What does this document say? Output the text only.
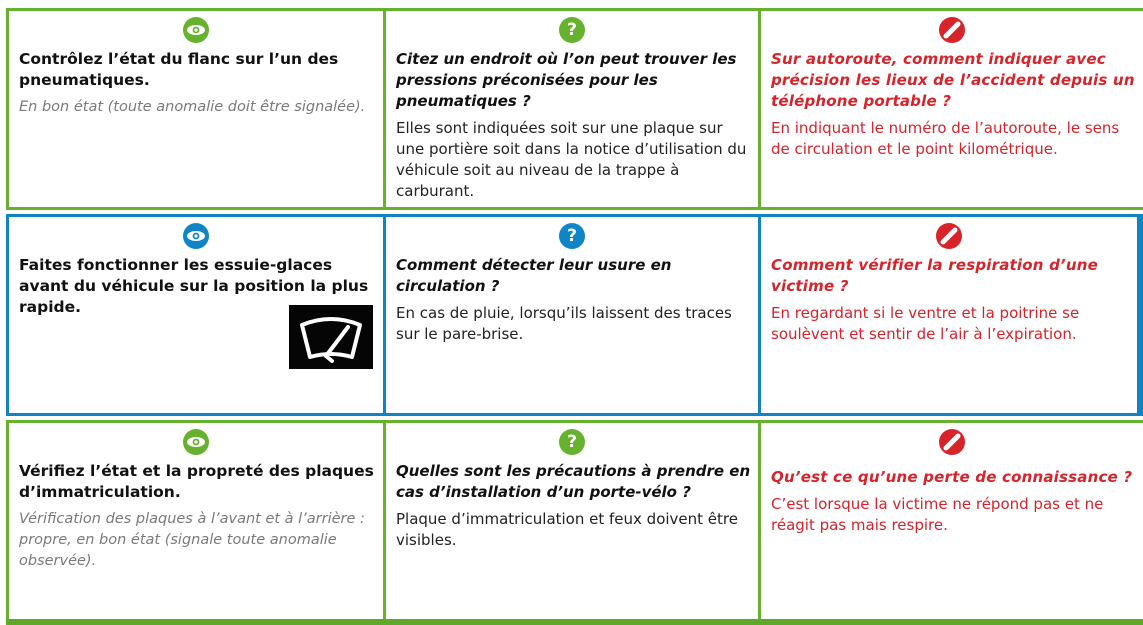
Contrôlez l’état du flanc sur l’un des pneumatiques.

En bon état (toute anomalie doit être signalée).

?

Citez un endroit où l’on peut trouver les pressions préconisées pour les pneumatiques ?

Elles sont indiquées soit sur une plaque sur une portière soit dans la notice d’utilisation du véhicule soit au niveau de la trappe à carburant.

Sur autoroute, comment indiquer avec précision les lieux de l’accident depuis un téléphone portable ?

En indiquant le numéro de l’autoroute, le sens de circulation et le point kilométrique.

Faites fonctionner les essuie-glaces avant du véhicule sur la position la plus rapide.

?

Comment détecter leur usure en circulation ?

En cas de pluie, lorsqu’ils laissent des traces sur le pare-brise.

Comment vérifier la respiration d’une victime ?

En regardant si le ventre et la poitrine se soulèvent et sentir de l’air à l’expiration.

Vérifiez l’état et la propreté des plaques d’immatriculation.

Vérification des plaques à l’avant et à l’arrière : propre, en bon état (signale toute anomalie observée).

?

Quelles sont les précautions à prendre en cas d’installation d’un porte-vélo ?

Plaque d’immatriculation et feux doivent être visibles.

Qu’est ce qu’une perte de connaissance ?

C’est lorsque la victime ne répond pas et ne réagit pas mais respire.
